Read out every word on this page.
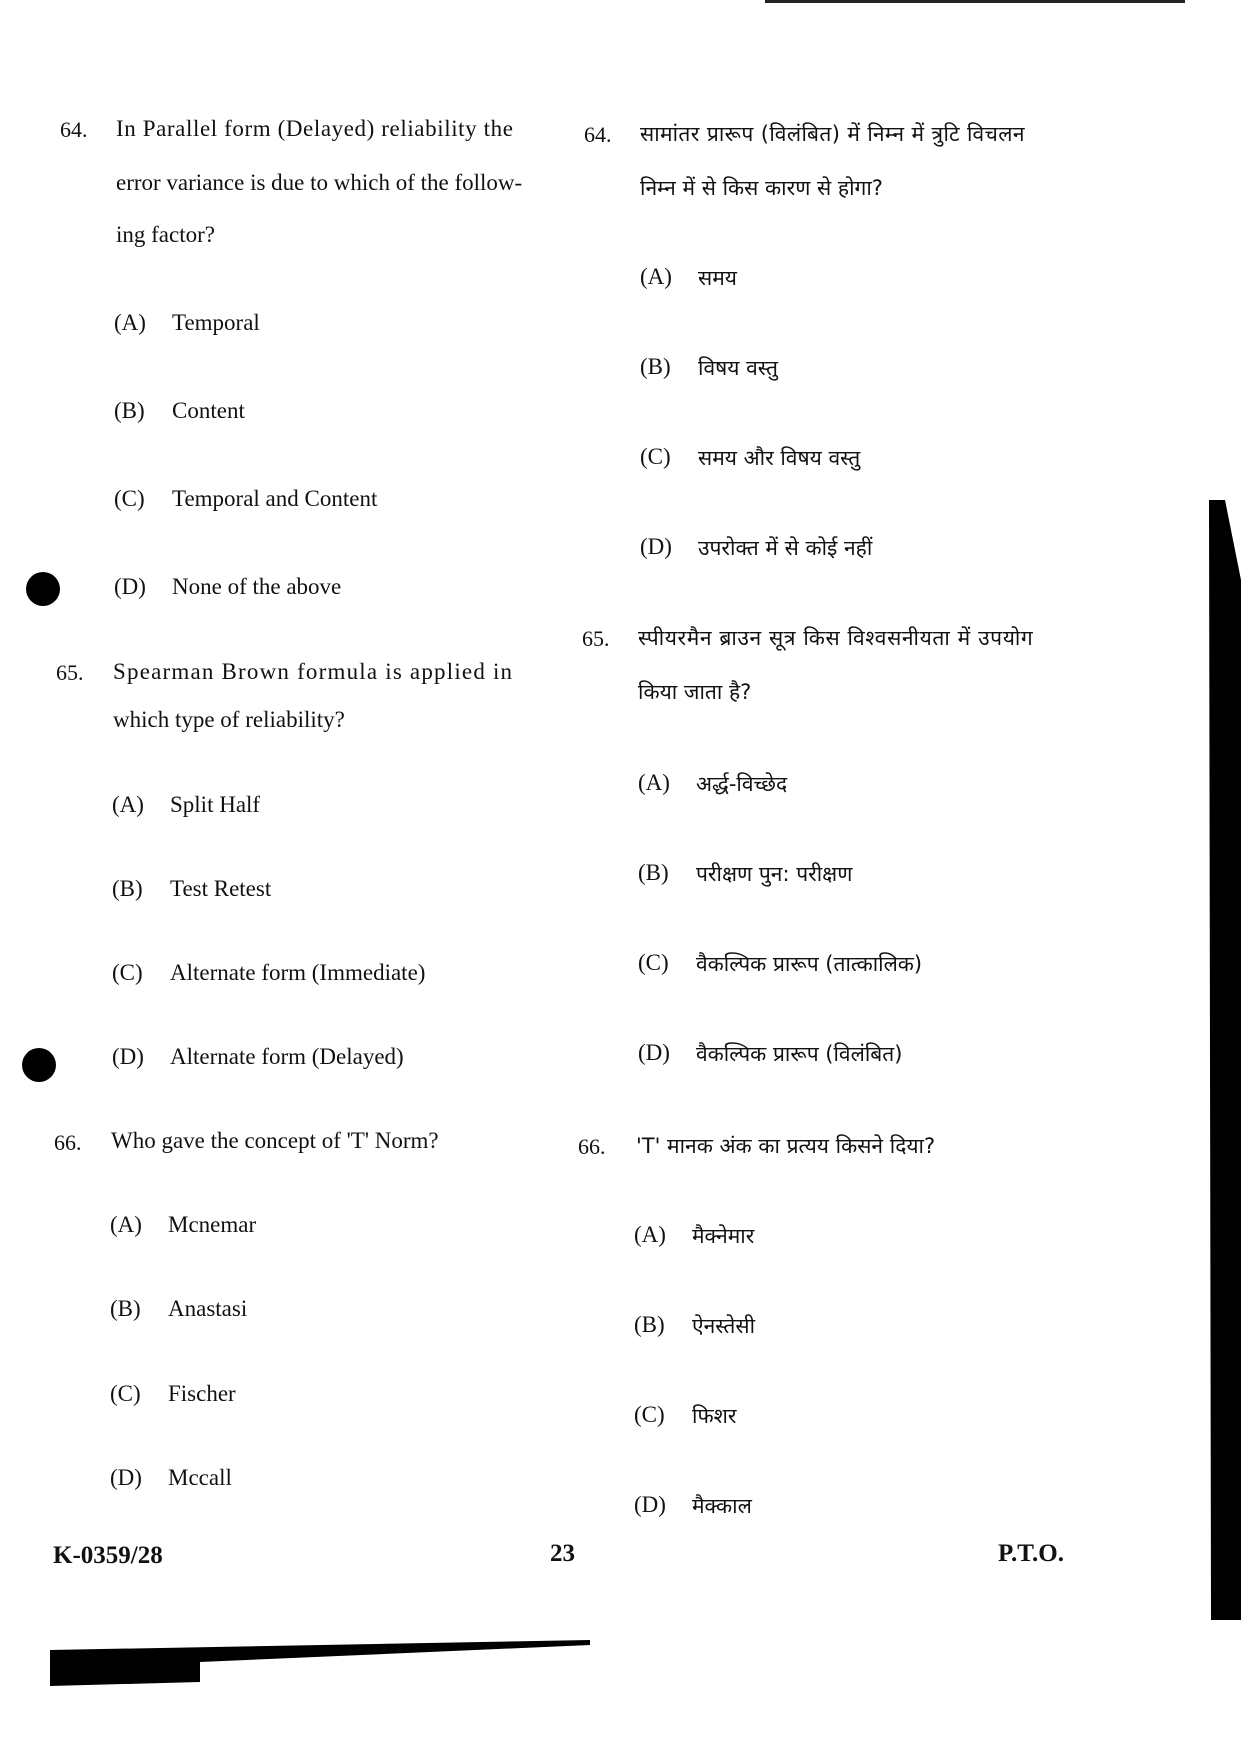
64. In Parallel form (Delayed) reliability the
error variance is due to which of the follow-
ing factor?
(A) Temporal
(B) Content
(C) Temporal and Content
(D) None of the above
65. Spearman Brown formula is applied in
which type of reliability?
(A) Split Half
(B) Test Retest
(C) Alternate form (Immediate)
(D) Alternate form (Delayed)
66. Who gave the concept of 'T' Norm?
(A) Mcnemar
(B) Anastasi
(C) Fischer
(D) Mccall
64. सामांतर प्रारूप (विलंबित) में निम्न में त्रुटि विचलन
निम्न में से किस कारण से होगा?
(A) समय
(B) विषय वस्तु
(C) समय और विषय वस्तु
(D) उपरोक्त में से कोई नहीं
65. स्पीयरमैन ब्राउन सूत्र किस विश्वसनीयता में उपयोग
किया जाता है?
(A) अर्द्ध-विच्छेद
(B) परीक्षण पुन: परीक्षण
(C) वैकल्पिक प्रारूप (तात्कालिक)
(D) वैकल्पिक प्रारूप (विलंबित)
66. 'T' मानक अंक का प्रत्यय किसने दिया?
(A) मैक्नेमार
(B) ऐनस्तेसी
(C) फिशर
(D) मैक्काल
K-0359/28	23	P.T.O.
